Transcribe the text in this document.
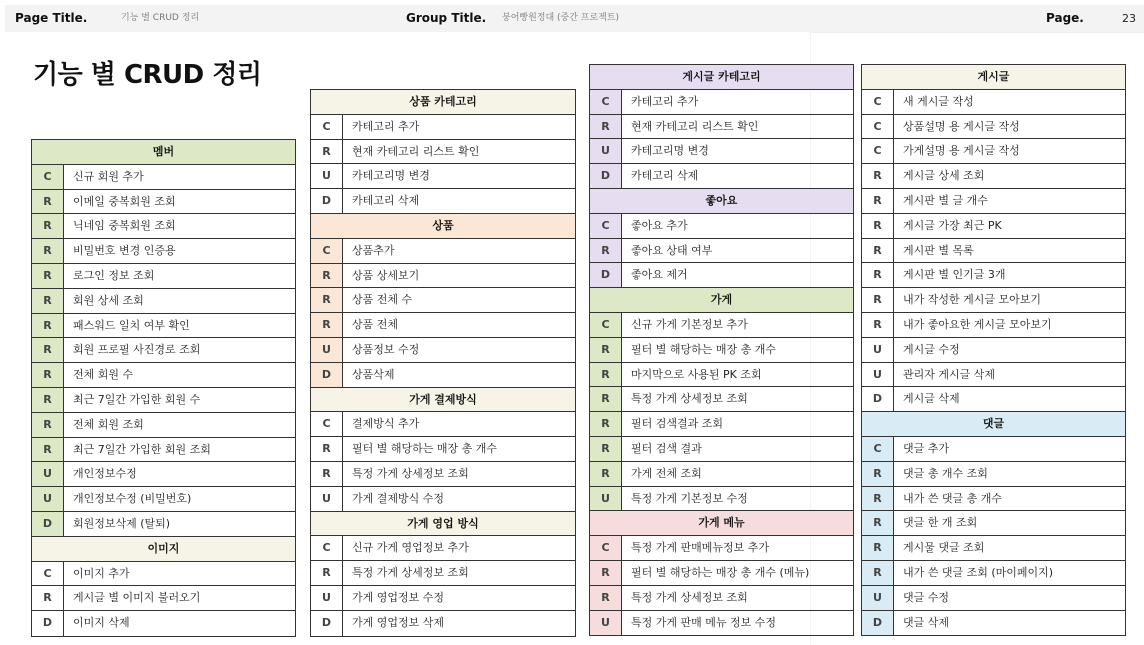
Page Title.	기능 별 CRUD 정리	Group Title. 붕어빵원정대 (중간 프로젝트)	Page.	23
기능 별 CRUD 정리
멤버
C	신규 회원 추가
R	이메일 중복회원 조회
R	닉네임 중복회원 조회
R	비밀번호 변경 인증용
R	로그인 정보 조회
R	회원 상세 조회
R	패스워드 일치 여부 확인
R	회원 프로필 사진경로 조회
R	전체 회원 수
R	최근 7일간 가입한 회원 수
R	전체 회원 조회
R	최근 7일간 가입한 회원 조회
U	개인정보수정
U	개인정보수정 (비밀번호)
D	회원정보삭제 (탈퇴)
이미지
C	이미지 추가
R	게시글 별 이미지 불러오기
D	이미지 삭제
상품 카테고리
C	카테고리 추가
R	현재 카테고리 리스트 확인
U	카테고리명 변경
D	카테고리 삭제
상품
C	상품추가
R	상품 상세보기
R	상품 전체 수
R	상품 전체
U	상품정보 수정
D	상품삭제
가게 결제방식
C	결제방식 추가
R	필터 별 해당하는 매장 총 개수
R	특정 가게 상세정보 조회
U	가게 결제방식 수정
가게 영업 방식
C	신규 가게 영업정보 추가
R	특정 가게 상세정보 조회
U	가게 영업정보 수정
D	가게 영업정보 삭제
게시글 카테고리
C	카테고리 추가
R	현재 카테고리 리스트 확인
U	카테고리명 변경
D	카테고리 삭제
좋아요
C	좋아요 추가
R	좋아요 상태 여부
D	좋아요 제거
가게
C	신규 가게 기본정보 추가
R	필터 별 해당하는 매장 총 개수
R	마지막으로 사용된 PK 조회
R	특정 가게 상세정보 조회
R	필터 검색결과 조회
R	필터 검색 결과
R	가게 전체 조회
U	특정 가게 기본정보 수정
가게 메뉴
C	특정 가게 판매메뉴정보 추가
R	필터 별 해당하는 매장 총 개수 (메뉴)
R	특정 가게 상세정보 조회
U	특정 가게 판매 메뉴 정보 수정
게시글
C	새 게시글 작성
C	상품설명 용 게시글 작성
C	가게설명 용 게시글 작성
R	게시글 상세 조회
R	게시판 별 글 개수
R	게시글 가장 최근 PK
R	게시판 별 목록
R	게시판 별 인기글 3개
R	내가 작성한 게시글 모아보기
R	내가 좋아요한 게시글 모아보기
U	게시글 수정
U	관리자 게시글 삭제
D	게시글 삭제
댓글
C	댓글 추가
R	댓글 총 개수 조회
R	내가 쓴 댓글 총 개수
R	댓글 한 개 조회
R	게시물 댓글 조회
R	내가 쓴 댓글 조회 (마이페이지)
U	댓글 수정
D	댓글 삭제
